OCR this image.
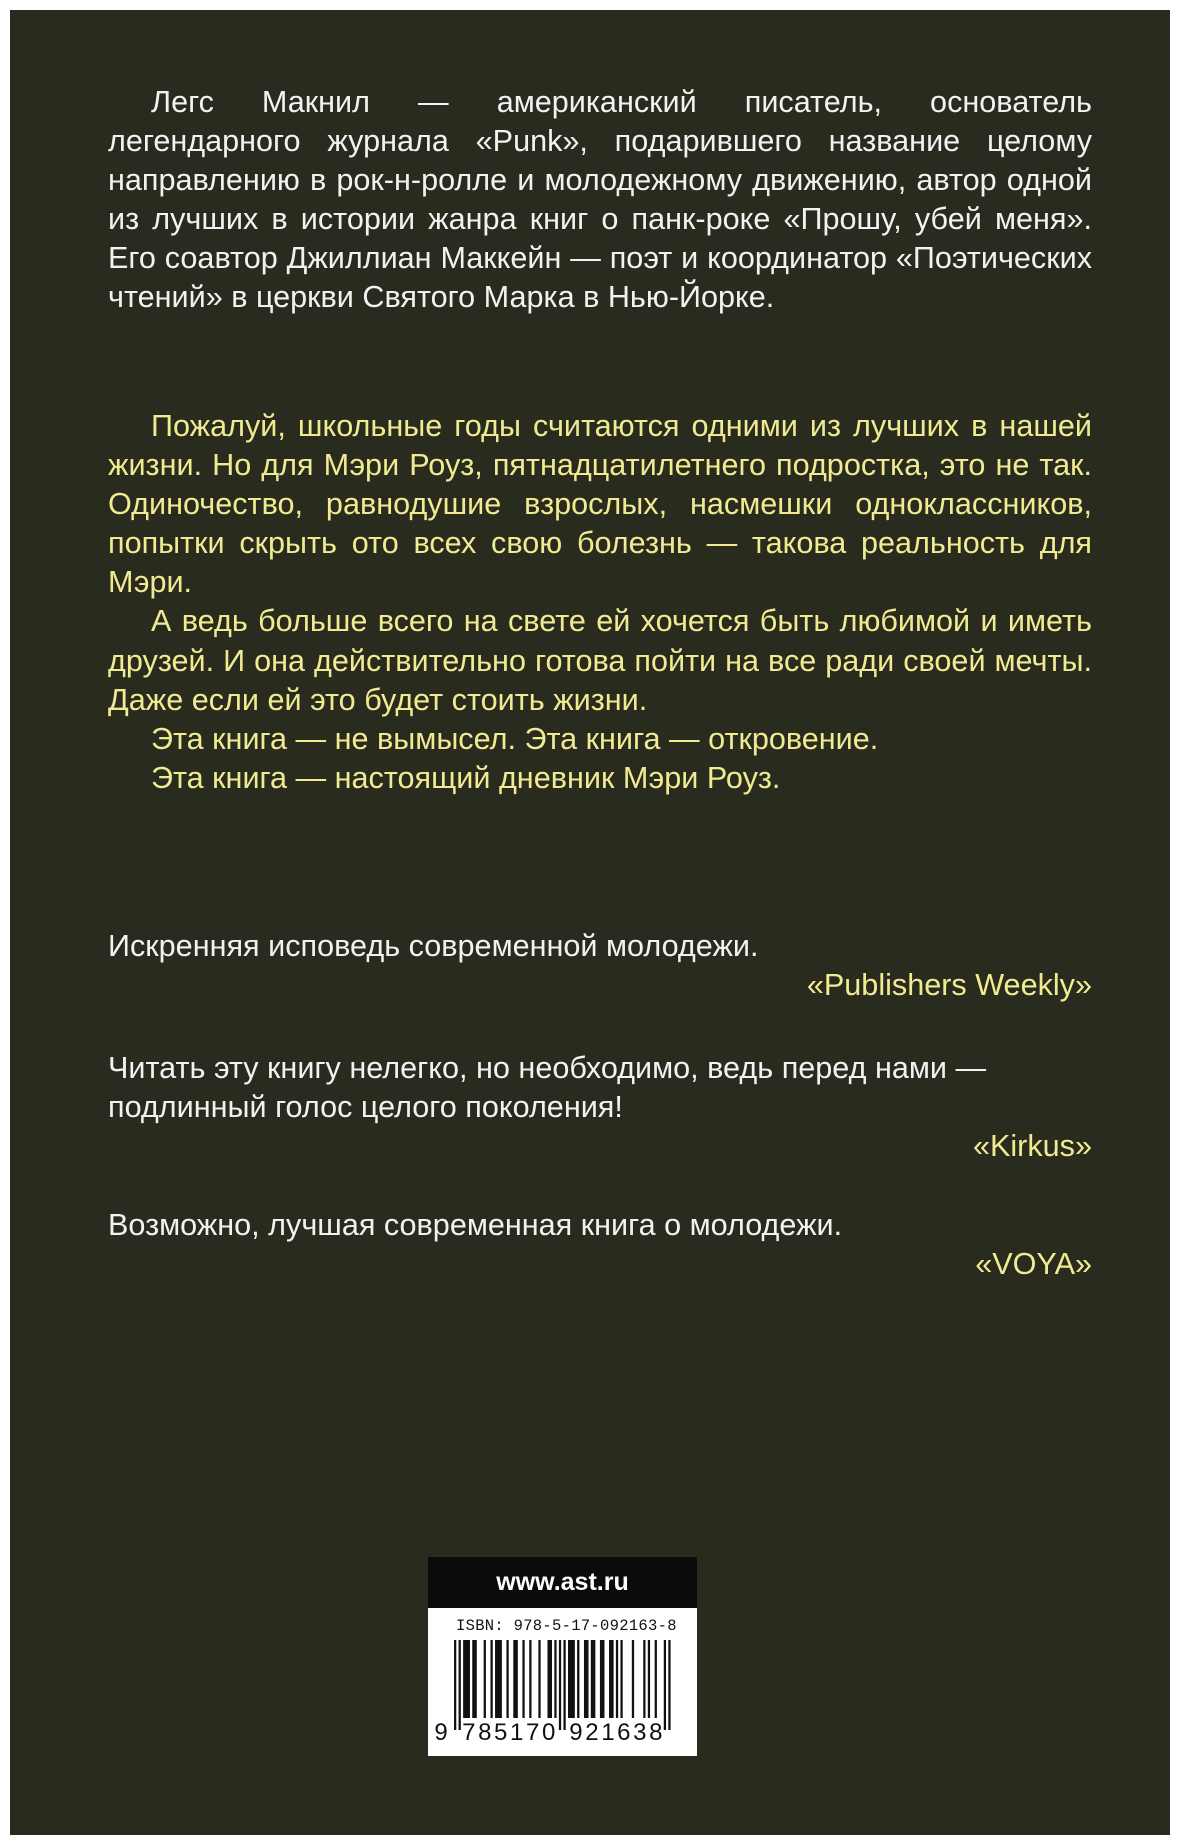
Легс Макнил — американский писатель, основатель легендарного журнала «Punk», подарившего название целому направлению в рок-н-ролле и молодежному движению, автор одной из лучших в истории жанра книг о панк-роке «Прошу, убей меня». Его соавтор Джиллиан Маккейн — поэт и координатор «Поэтических чтений» в церкви Святого Марка в Нью-Йорке.

Пожалуй, школьные годы считаются одними из лучших в нашей жизни. Но для Мэри Роуз, пятнадцатилетнего подростка, это не так. Одиночество, равнодушие взрослых, насмешки одноклассников, попытки скрыть ото всех свою болезнь — такова реальность для Мэри.

А ведь больше всего на свете ей хочется быть любимой и иметь друзей. И она действительно готова пойти на все ради своей мечты. Даже если ей это будет стоить жизни.

Эта книга — не вымысел. Эта книга — откровение.

Эта книга — настоящий дневник Мэри Роуз.

Искренняя исповедь современной молодежи.

«Publishers Weekly»

Читать эту книгу нелегко, но необходимо, ведь перед нами — подлинный голос целого поколения!

«Kirkus»

Возможно, лучшая современная книга о молодежи.

«VOYA»

www.ast.ru
ISBN: 978-5-17-092163-8
9 7 8 5 1 7 0 9 2 1 6 3 8
